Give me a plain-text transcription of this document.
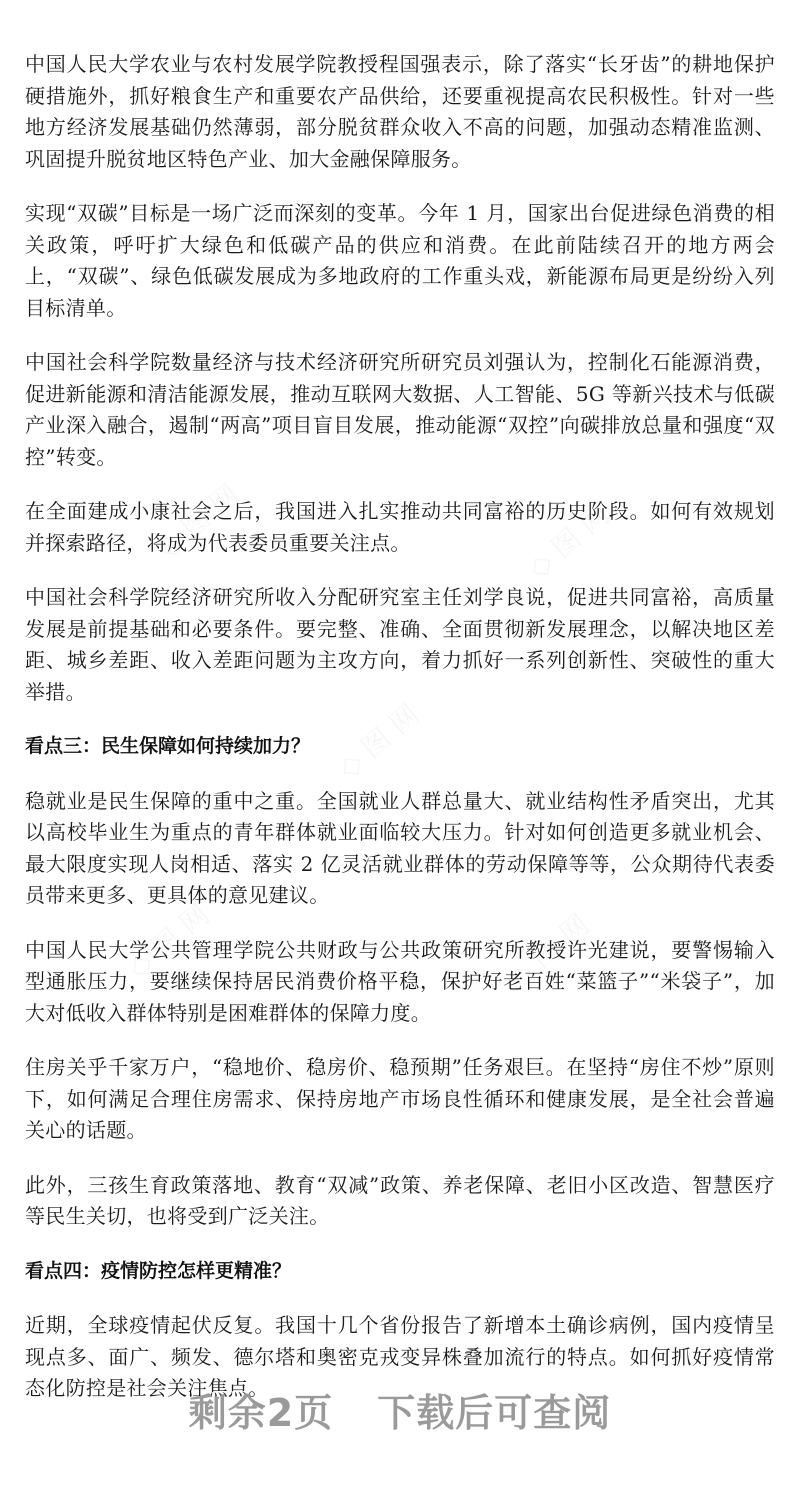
中国人民大学农业与农村发展学院教授程国强表示，除了落实“长牙齿”的耕地保护硬措施外，抓好粮食生产和重要农产品供给，还要重视提高农民积极性。针对一些地方经济发展基础仍然薄弱，部分脱贫群众收入不高的问题，加强动态精准监测、巩固提升脱贫地区特色产业、加大金融保障服务。

实现“双碳”目标是一场广泛而深刻的变革。今年 1 月，国家出台促进绿色消费的相关政策，呼吁扩大绿色和低碳产品的供应和消费。在此前陆续召开的地方两会上，“双碳”、绿色低碳发展成为多地政府的工作重头戏，新能源布局更是纷纷入列目标清单。

中国社会科学院数量经济与技术经济研究所研究员刘强认为，控制化石能源消费，促进新能源和清洁能源发展，推动互联网大数据、人工智能、5G 等新兴技术与低碳产业深入融合，遏制“两高”项目盲目发展，推动能源“双控”向碳排放总量和强度“双控”转变。

在全面建成小康社会之后，我国进入扎实推动共同富裕的历史阶段。如何有效规划并探索路径，将成为代表委员重要关注点。

中国社会科学院经济研究所收入分配研究室主任刘学良说，促进共同富裕，高质量发展是前提基础和必要条件。要完整、准确、全面贯彻新发展理念，以解决地区差距、城乡差距、收入差距问题为主攻方向，着力抓好一系列创新性、突破性的重大举措。

看点三：民生保障如何持续加力？

稳就业是民生保障的重中之重。全国就业人群总量大、就业结构性矛盾突出，尤其以高校毕业生为重点的青年群体就业面临较大压力。针对如何创造更多就业机会、最大限度实现人岗相适、落实 2 亿灵活就业群体的劳动保障等等，公众期待代表委员带来更多、更具体的意见建议。

中国人民大学公共管理学院公共财政与公共政策研究所教授许光建说，要警惕输入型通胀压力，要继续保持居民消费价格平稳，保护好老百姓“菜篮子”“米袋子”，加大对低收入群体特别是困难群体的保障力度。

住房关乎千家万户，“稳地价、稳房价、稳预期”任务艰巨。在坚持“房住不炒”原则下，如何满足合理住房需求、保持房地产市场良性循环和健康发展，是全社会普遍关心的话题。

此外，三孩生育政策落地、教育“双减”政策、养老保障、老旧小区改造、智慧医疗等民生关切，也将受到广泛关注。

看点四：疫情防控怎样更精准？

近期，全球疫情起伏反复。我国十几个省份报告了新增本土确诊病例，国内疫情呈现点多、面广、频发、德尔塔和奥密克戎变异株叠加流行的特点。如何抓好疫情常态化防控是社会关注焦点。

剩余2页 下载后可查阅
